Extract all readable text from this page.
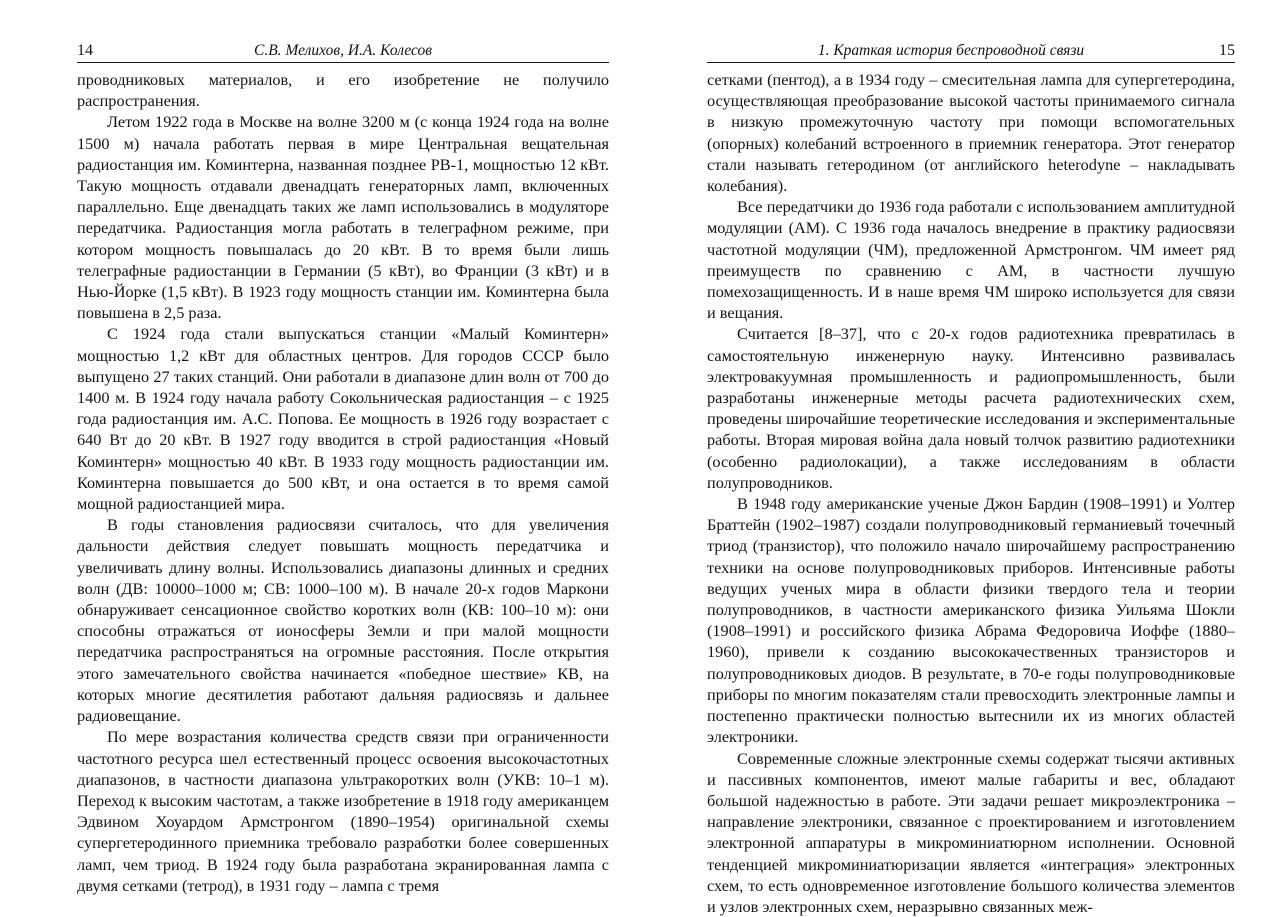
14	С.В. Мелихов, И.А. Колесов

проводниковых материалов, и его изобретение не получило распространения.

Летом 1922 года в Москве на волне 3200 м (с конца 1924 года на волне 1500 м) начала работать первая в мире Центральная вещательная радиостанция им. Коминтерна, названная позднее РВ-1, мощностью 12 кВт. Такую мощность отдавали двенадцать генераторных ламп, включенных параллельно. Еще двенадцать таких же ламп использовались в модуляторе передатчика. Радиостанция могла работать в телеграфном режиме, при котором мощность повышалась до 20 кВт. В то время были лишь телеграфные радиостанции в Германии (5 кВт), во Франции (3 кВт) и в Нью-Йорке (1,5 кВт). В 1923 году мощность станции им. Коминтерна была повышена в 2,5 раза.

С 1924 года стали выпускаться станции «Малый Коминтерн» мощностью 1,2 кВт для областных центров. Для городов СССР было выпущено 27 таких станций. Они работали в диапазоне длин волн от 700 до 1400 м. В 1924 году начала работу Сокольническая радиостанция – с 1925 года радиостанция им. А.С. Попова. Ее мощность в 1926 году возрастает с 640 Вт до 20 кВт. В 1927 году вводится в строй радиостанция «Новый Коминтерн» мощностью 40 кВт. В 1933 году мощность радиостанции им. Коминтерна повышается до 500 кВт, и она остается в то время самой мощной радиостанцией мира.

В годы становления радиосвязи считалось, что для увеличения дальности действия следует повышать мощность передатчика и увеличивать длину волны. Использовались диапазоны длинных и средних волн (ДВ: 10000–1000 м; СВ: 1000–100 м). В начале 20-х годов Маркони обнаруживает сенсационное свойство коротких волн (КВ: 100–10 м): они способны отражаться от ионосферы Земли и при малой мощности передатчика распространяться на огромные расстояния. После открытия этого замечательного свойства начинается «победное шествие» КВ, на которых многие десятилетия работают дальняя радиосвязь и дальнее радиовещание.

По мере возрастания количества средств связи при ограниченности частотного ресурса шел естественный процесс освоения высокочастотных диапазонов, в частности диапазона ультракоротких волн (УКВ: 10–1 м). Переход к высоким частотам, а также изобретение в 1918 году американцем Эдвином Хоуардом Армстронгом (1890–1954) оригинальной схемы супергетеродинного приемника требовало разработки более совершенных ламп, чем триод. В 1924 году была разработана экранированная лампа с двумя сетками (тетрод), в 1931 году – лампа с тремя

1. Краткая история беспроводной связи	15

сетками (пентод), а в 1934 году – смесительная лампа для супергетеродина, осуществляющая преобразование высокой частоты принимаемого сигнала в низкую промежуточную частоту при помощи вспомогательных (опорных) колебаний встроенного в приемник генератора. Этот генератор стали называть гетеродином (от английского heterodyne – накладывать колебания).

Все передатчики до 1936 года работали с использованием амплитудной модуляции (АМ). С 1936 года началось внедрение в практику радиосвязи частотной модуляции (ЧМ), предложенной Армстронгом. ЧМ имеет ряд преимуществ по сравнению с АМ, в частности лучшую помехозащищенность. И в наше время ЧМ широко используется для связи и вещания.

Считается [8–37], что с 20-х годов радиотехника превратилась в самостоятельную инженерную науку. Интенсивно развивалась электровакуумная промышленность и радиопромышленность, были разработаны инженерные методы расчета радиотехнических схем, проведены широчайшие теоретические исследования и экспериментальные работы. Вторая мировая война дала новый толчок развитию радиотехники (особенно радиолокации), а также исследованиям в области полупроводников.

В 1948 году американские ученые Джон Бардин (1908–1991) и Уолтер Браттейн (1902–1987) создали полупроводниковый германиевый точечный триод (транзистор), что положило начало широчайшему распространению техники на основе полупроводниковых приборов. Интенсивные работы ведущих ученых мира в области физики твердого тела и теории полупроводников, в частности американского физика Уильяма Шокли (1908–1991) и российского физика Абрама Федоровича Иоффе (1880–1960), привели к созданию высококачественных транзисторов и полупроводниковых диодов. В результате, в 70-е годы полупроводниковые приборы по многим показателям стали превосходить электронные лампы и постепенно практически полностью вытеснили их из многих областей электроники.

Современные сложные электронные схемы содержат тысячи активных и пассивных компонентов, имеют малые габариты и вес, обладают большой надежностью в работе. Эти задачи решает микроэлектроника – направление электроники, связанное с проектированием и изготовлением электронной аппаратуры в микроминиатюрном исполнении. Основной тенденцией микроминиатюризации является «интеграция» электронных схем, то есть одновременное изготовление большого количества элементов и узлов электронных схем, неразрывно связанных меж-
